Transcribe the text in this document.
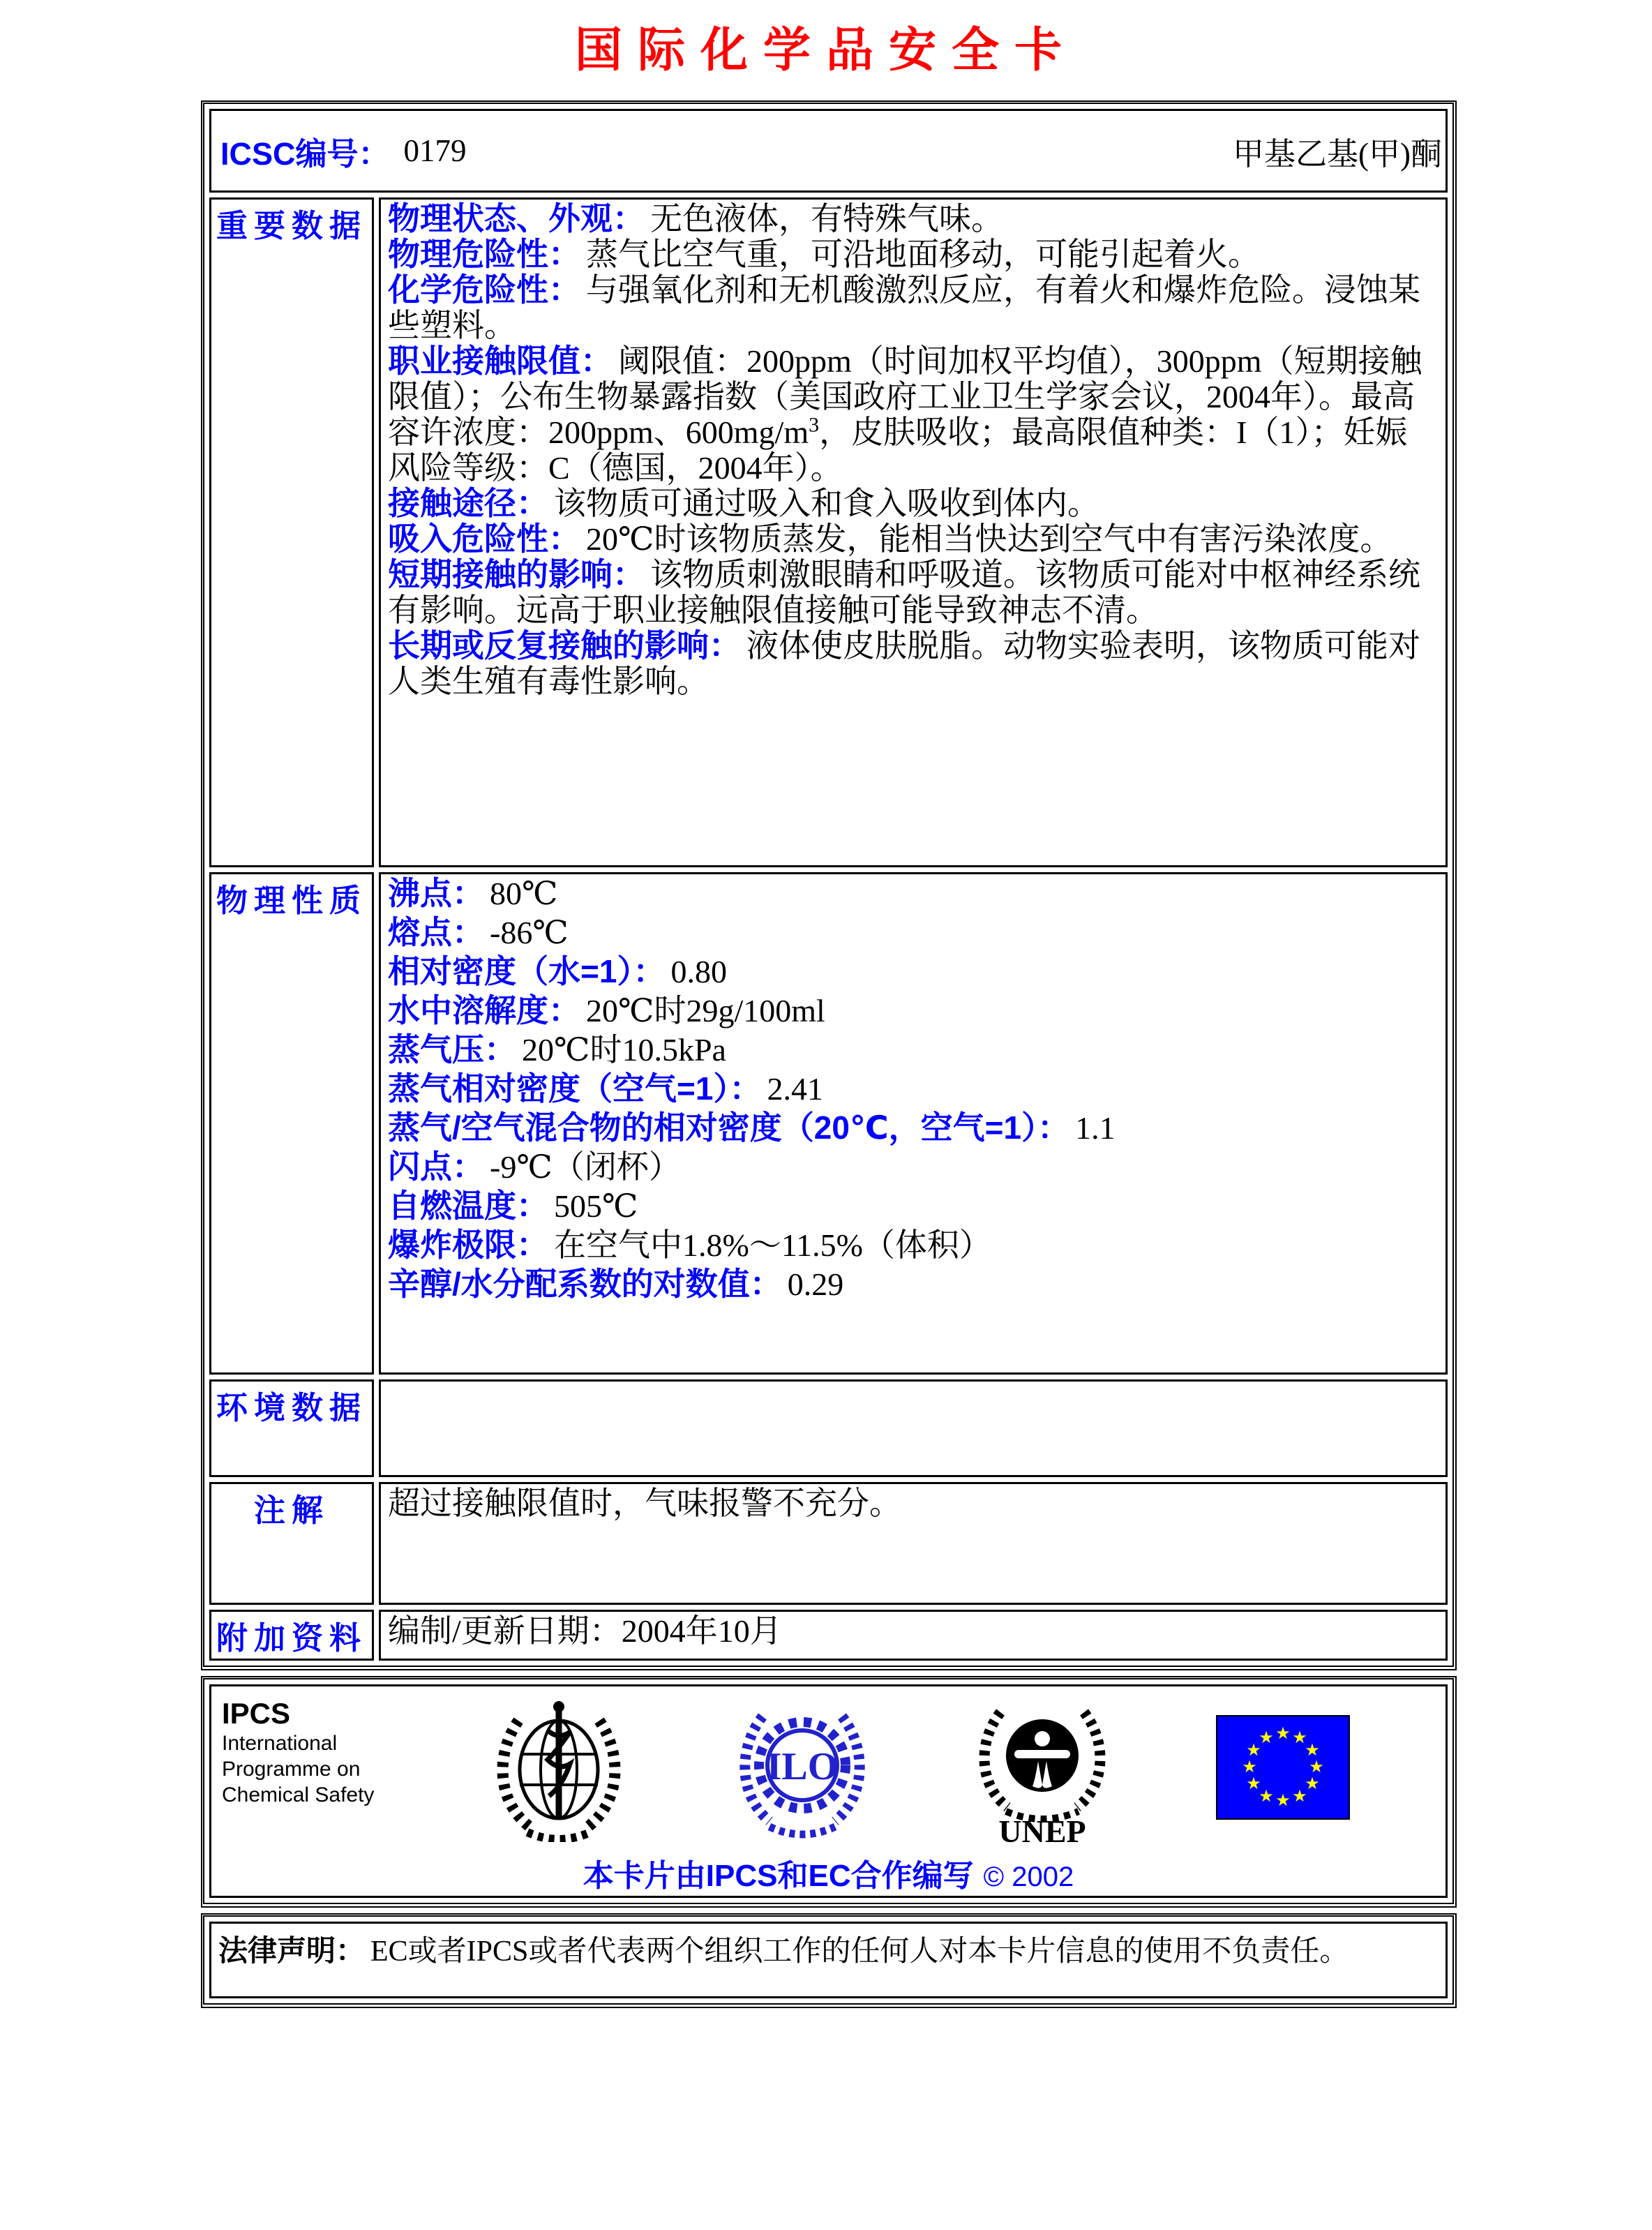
国际化学品安全卡
ICSC编号： 0179 甲基乙基(甲)酮	

重要数据	物理状态、外观： 无色液体，有特殊气味。
物理危险性： 蒸气比空气重，可沿地面移动，可能引起着火。
化学危险性： 与强氧化剂和无机酸激烈反应，有着火和爆炸危险。浸蚀某些塑料。
职业接触限值： 阈限值：200ppm（时间加权平均值），300ppm（短期接触限值）；公布生物暴露指数（美国政府工业卫生学家会议，2004年）。最高容许浓度：200ppm、$600mg/m^3$，皮肤吸收；最高限值种类：I（1）；妊娠风险等级：C（德国，2004年）。
接触途径： 该物质可通过吸入和食入吸收到体内。
吸入危险性： 20℃时该物质蒸发，能相当快达到空气中有害污染浓度。
短期接触的影响： 该物质刺激眼睛和呼吸道。该物质可能对中枢神经系统有影响。远高于职业接触限值接触可能导致神志不清。
长期或反复接触的影响： 液体使皮肤脱脂。动物实验表明，该物质可能对人类生殖有毒性影响。

物理性质	沸点： 80℃

熔点： -86℃

相对密度（水=1）： 0.80

水中溶解度： 20℃时29g/100ml

蒸气压： 20℃时10.5kPa

蒸气相对密度（空气=1）： 2.41

蒸气/空气混合物的相对密度（20℃，空气=1）： 1.1

闪点： -9℃（闭杯）

自燃温度： 505℃

爆炸极限： 在空气中1.8%～11.5%（体积）

辛醇/水分配系数的对数值： 0.29

环境数据	
注解	超过接触限值时，气味报警不充分。
附加资料	编制/更新日期：2004年10月
IPCS
International
Programme on
Chemical Safety
ILO
UNEP
★ ★
★
★
★
★
★
★
★
★
★
★
本卡片由IPCS和EC合作编写 © 2002
法律声明： EC或者IPCS或者代表两个组织工作的任何人对本卡片信息的使用不负责任。
